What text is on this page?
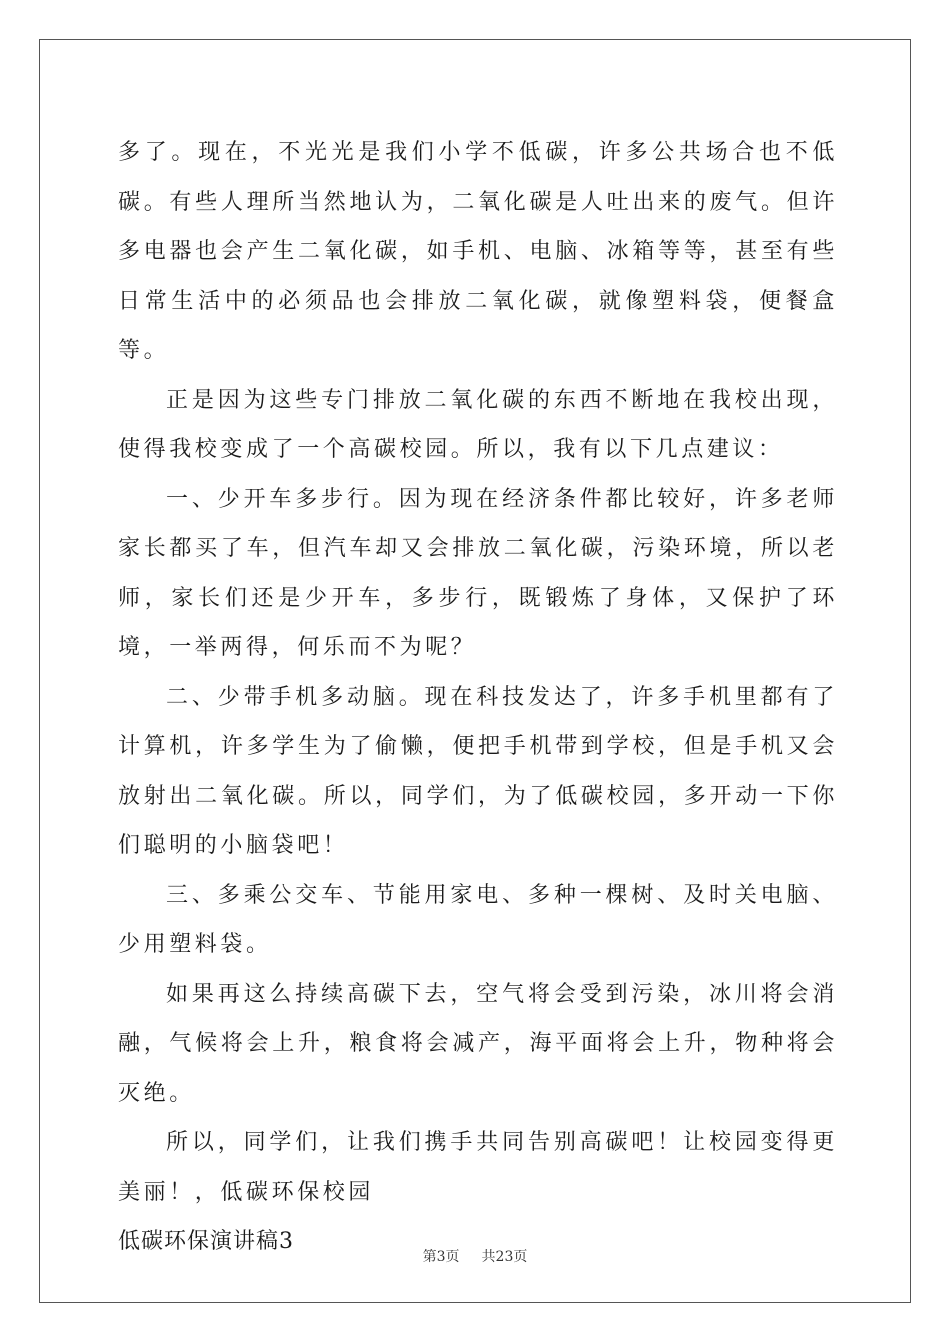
多了。现在，不光光是我们小学不低碳，许多公共场合也不低碳。有些人理所当然地认为，二氧化碳是人吐出来的废气。但许多电器也会产生二氧化碳，如手机、电脑、冰箱等等，甚至有些日常生活中的必须品也会排放二氧化碳，就像塑料袋，便餐盒等。

正是因为这些专门排放二氧化碳的东西不断地在我校出现，使得我校变成了一个高碳校园。所以，我有以下几点建议：

一、少开车多步行。因为现在经济条件都比较好，许多老师家长都买了车，但汽车却又会排放二氧化碳，污染环境，所以老师，家长们还是少开车，多步行，既锻炼了身体，又保护了环境，一举两得，何乐而不为呢？

二、少带手机多动脑。现在科技发达了，许多手机里都有了计算机，许多学生为了偷懒，便把手机带到学校，但是手机又会放射出二氧化碳。所以，同学们，为了低碳校园，多开动一下你们聪明的小脑袋吧！

三、多乘公交车、节能用家电、多种一棵树、及时关电脑、少用塑料袋。

如果再这么持续高碳下去，空气将会受到污染，冰川将会消融，气候将会上升，粮食将会减产，海平面将会上升，物种将会灭绝。

所以，同学们，让我们携手共同告别高碳吧！让校园变得更美丽！，低碳环保校园

低碳环保演讲稿3

第3页 共23页
